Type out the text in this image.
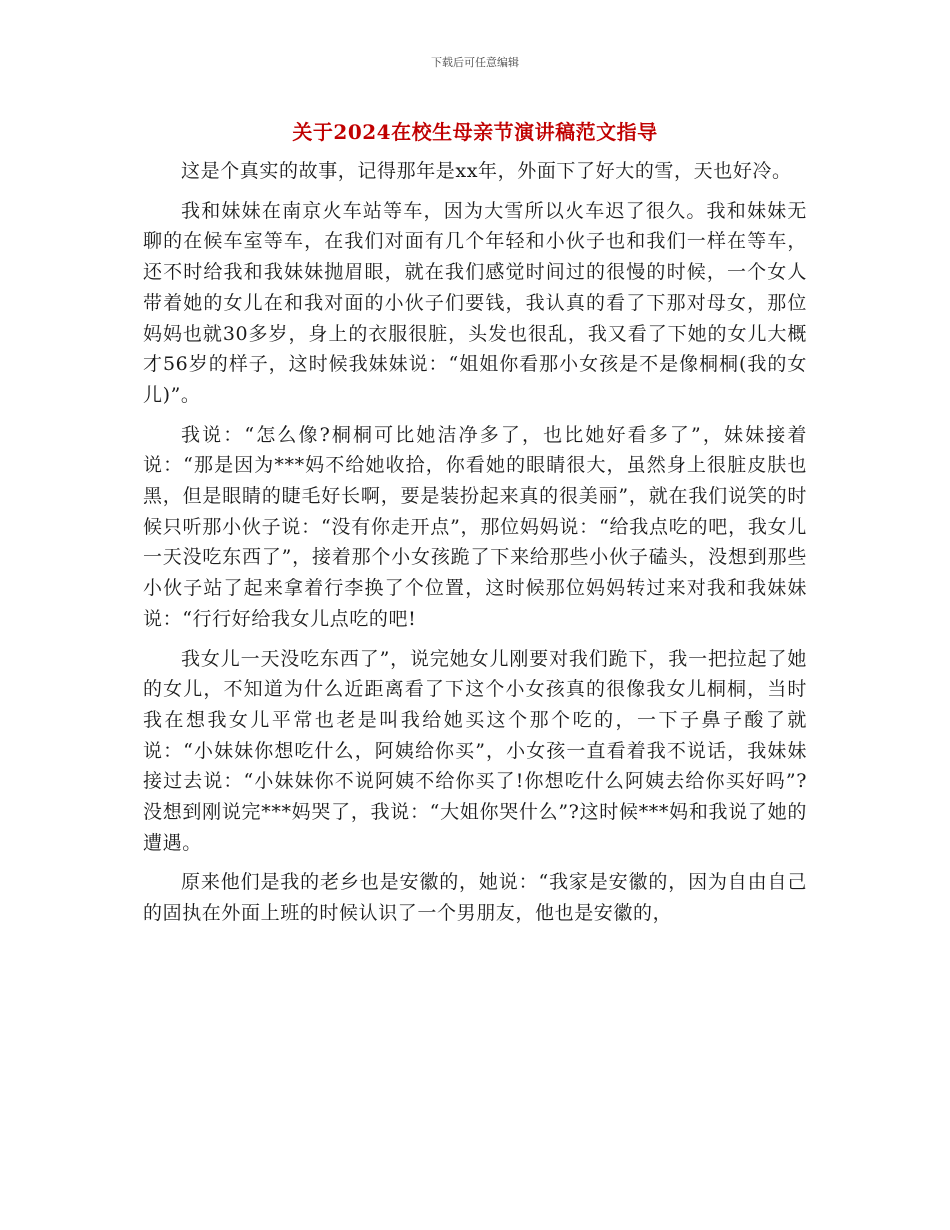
下载后可任意编辑
关于2024在校生母亲节演讲稿范文指导

这是个真实的故事，记得那年是xx年，外面下了好大的雪，天也好冷。

我和妹妹在南京火车站等车，因为大雪所以火车迟了很久。我和妹妹无聊的在候车室等车，在我们对面有几个年轻和小伙子也和我们一样在等车，还不时给我和我妹妹抛眉眼，就在我们感觉时间过的很慢的时候，一个女人带着她的女儿在和我对面的小伙子们要钱，我认真的看了下那对母女，那位妈妈也就30多岁，身上的衣服很脏，头发也很乱，我又看了下她的女儿大概才56岁的样子，这时候我妹妹说：“姐姐你看那小女孩是不是像桐桐(我的女儿)”。

我说：“怎么像?桐桐可比她洁净多了，也比她好看多了”，妹妹接着说：“那是因为***妈不给她收拾，你看她的眼睛很大，虽然身上很脏皮肤也黑，但是眼睛的睫毛好长啊，要是装扮起来真的很美丽”，就在我们说笑的时候只听那小伙子说：“没有你走开点”，那位妈妈说：“给我点吃的吧，我女儿一天没吃东西了”，接着那个小女孩跪了下来给那些小伙子磕头，没想到那些小伙子站了起来拿着行李换了个位置，这时候那位妈妈转过来对我和我妹妹说：“行行好给我女儿点吃的吧!

我女儿一天没吃东西了”，说完她女儿刚要对我们跪下，我一把拉起了她的女儿，不知道为什么近距离看了下这个小女孩真的很像我女儿桐桐，当时我在想我女儿平常也老是叫我给她买这个那个吃的，一下子鼻子酸了就说：“小妹妹你想吃什么，阿姨给你买”，小女孩一直看着我不说话，我妹妹接过去说：“小妹妹你不说阿姨不给你买了!你想吃什么阿姨去给你买好吗”?没想到刚说完***妈哭了，我说：“大姐你哭什么”?这时候***妈和我说了她的遭遇。

原来他们是我的老乡也是安徽的，她说：“我家是安徽的，因为自由自己的固执在外面上班的时候认识了一个男朋友，他也是安徽的，
